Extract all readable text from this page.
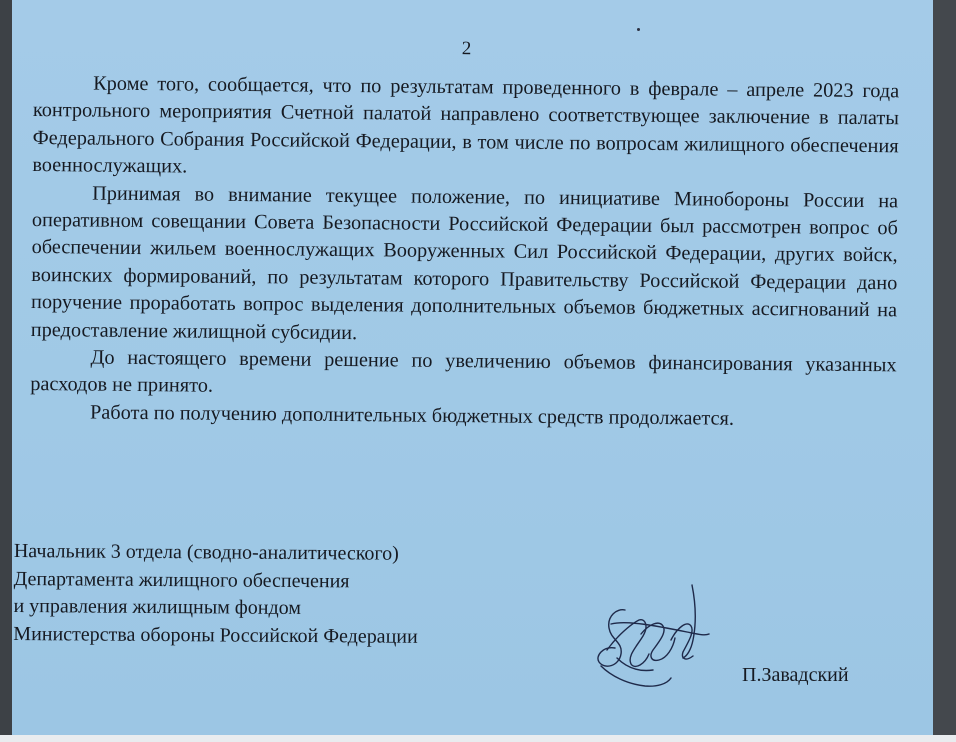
2

Кроме того, сообщается, что по результатам проведенного в феврале – апреле 2023 года контрольного мероприятия Счетной палатой направлено соответствующее заключение в палаты Федерального Собрания Российской Федерации, в том числе по вопросам жилищного обеспечения военнослужащих.

Принимая во внимание текущее положение, по инициативе Минобороны России на оперативном совещании Совета Безопасности Российской Федерации был рассмотрен вопрос об обеспечении жильем военнослужащих Вооруженных Сил Российской Федерации, других войск, воинских формирований, по результатам которого Правительству Российской Федерации дано поручение проработать вопрос выделения дополнительных объемов бюджетных ассигнований на предоставление жилищной субсидии.

До настоящего времени решение по увеличению объемов финансирования указанных расходов не принято.

Работа по получению дополнительных бюджетных средств продолжается.

Начальник 3 отдела (сводно-аналитического)
Департамента жилищного обеспечения
и управления жилищным фондом
Министерства обороны Российской Федерации
П.Завадский
